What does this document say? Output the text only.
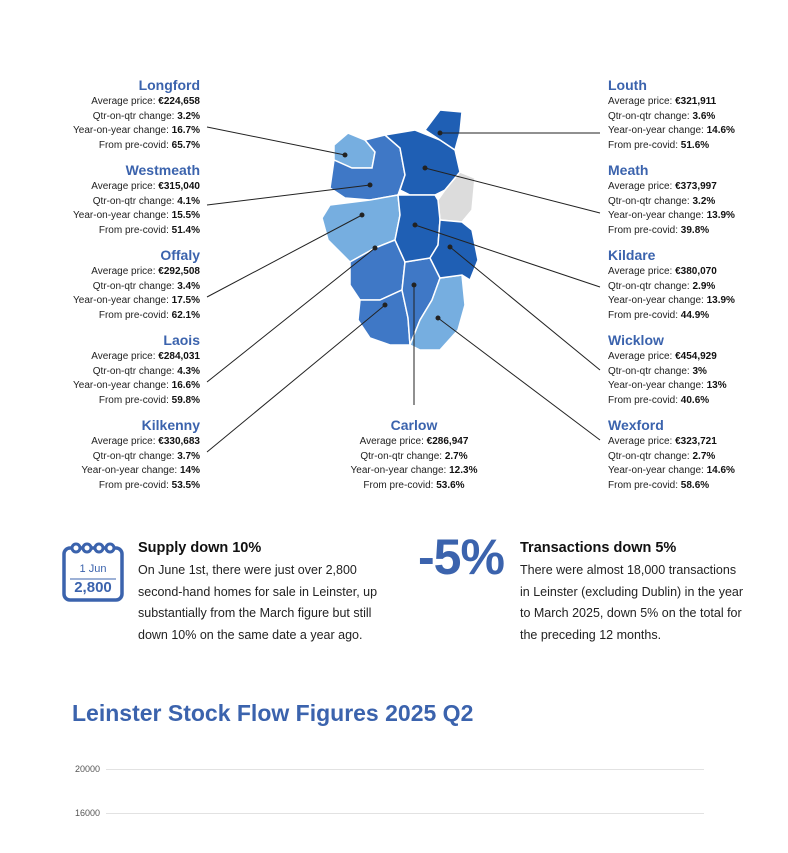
Longford
Average price: €224,658
Qtr-on-qtr change: 3.2%
Year-on-year change: 16.7%
From pre-covid: 65.7%
Westmeath
Average price: €315,040
Qtr-on-qtr change: 4.1%
Year-on-year change: 15.5%
From pre-covid: 51.4%
Offaly
Average price: €292,508
Qtr-on-qtr change: 3.4%
Year-on-year change: 17.5%
From pre-covid: 62.1%
Laois
Average price: €284,031
Qtr-on-qtr change: 4.3%
Year-on-year change: 16.6%
From pre-covid: 59.8%
Kilkenny
Average price: €330,683
Qtr-on-qtr change: 3.7%
Year-on-year change: 14%
From pre-covid: 53.5%
Carlow
Average price: €286,947
Qtr-on-qtr change: 2.7%
Year-on-year change: 12.3%
From pre-covid: 53.6%
Louth
Average price: €321,911
Qtr-on-qtr change: 3.6%
Year-on-year change: 14.6%
From pre-covid: 51.6%
Meath
Average price: €373,997
Qtr-on-qtr change: 3.2%
Year-on-year change: 13.9%
From pre-covid: 39.8%
Kildare
Average price: €380,070
Qtr-on-qtr change: 2.9%
Year-on-year change: 13.9%
From pre-covid: 44.9%
Wicklow
Average price: €454,929
Qtr-on-qtr change: 3%
Year-on-year change: 13%
From pre-covid: 40.6%
Wexford
Average price: €323,721
Qtr-on-qtr change: 2.7%
Year-on-year change: 14.6%
From pre-covid: 58.6%
1 Jun
2,800
Supply down 10%
On June 1st, there were just over 2,800
second-hand homes for sale in Leinster, up
substantially from the March figure but still
down 10% on the same date a year ago.
-5% Transactions down 5%
There were almost 18,000 transactions
in Leinster (excluding Dublin) in the year
to March 2025, down 5% on the total for
the preceding 12 months.
Leinster Stock Flow Figures 2025 Q2
20000
16000
